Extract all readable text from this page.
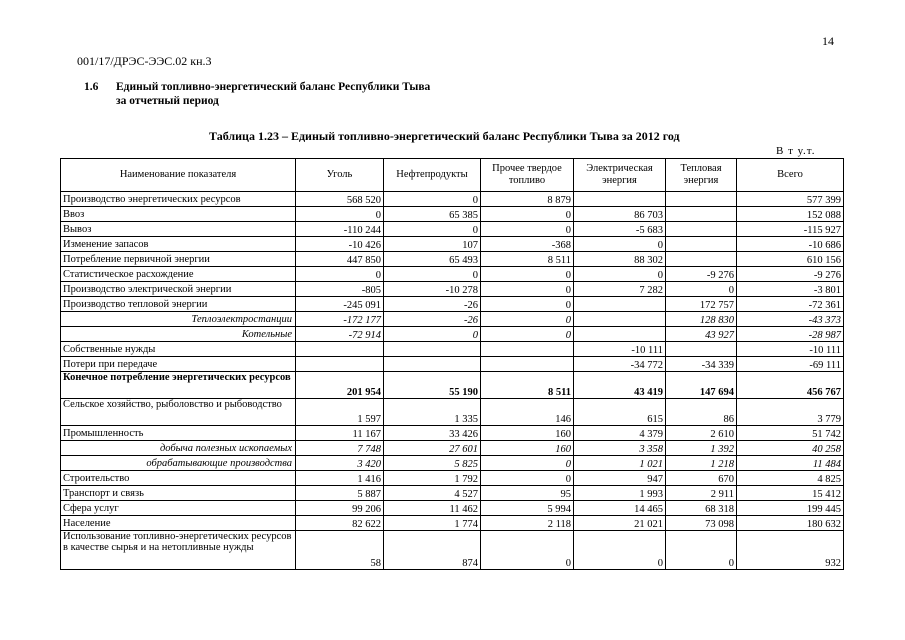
14
001/17/ДРЭС-ЭЭС.02 кн.3
1.6	Единый топливно-энергетический баланс Республики Тыва
за отчетный период
Таблица 1.23 – Единый топливно-энергетический баланс Республики Тыва за 2012 год
В т у.т.
Наименование показателя	Уголь	Нефтепродукты	Прочее твердое топливо	Электрическая энергия	Тепловая энергия	Всего
Производство энергетических ресурсов	568 520	0	8 879			577 399
Ввоз	0	65 385	0	86 703		152 088
Вывоз	-110 244	0	0	-5 683		-115 927
Изменение запасов	-10 426	107	-368	0		-10 686
Потребление первичной энергии	447 850	65 493	8 511	88 302		610 156
Статистическое расхождение	0	0	0	0	-9 276	-9 276
Производство электрической энергии	-805	-10 278	0	7 282	0	-3 801
Производство тепловой энергии	-245 091	-26	0		172 757	-72 361
Теплоэлектростанции	-172 177	-26	0		128 830	-43 373
Котельные	-72 914	0	0		43 927	-28 987
Собственные нужды				-10 111		-10 111
Потери при передаче				-34 772	-34 339	-69 111
Конечное потребление энергетических ресурсов	201 954	55 190	8 511	43 419	147 694	456 767
Сельское хозяйство, рыболовство и рыбоводство	1 597	1 335	146	615	86	3 779
Промышленность	11 167	33 426	160	4 379	2 610	51 742
добыча полезных ископаемых	7 748	27 601	160	3 358	1 392	40 258
обрабатывающие производства	3 420	5 825	0	1 021	1 218	11 484
Строительство	1 416	1 792	0	947	670	4 825
Транспорт и связь	5 887	4 527	95	1 993	2 911	15 412
Сфера услуг	99 206	11 462	5 994	14 465	68 318	199 445
Население	82 622	1 774	2 118	21 021	73 098	180 632
Использование топливно-энергетических ресурсов в качестве сырья и на нетопливные нужды	58	874	0	0	0	932
